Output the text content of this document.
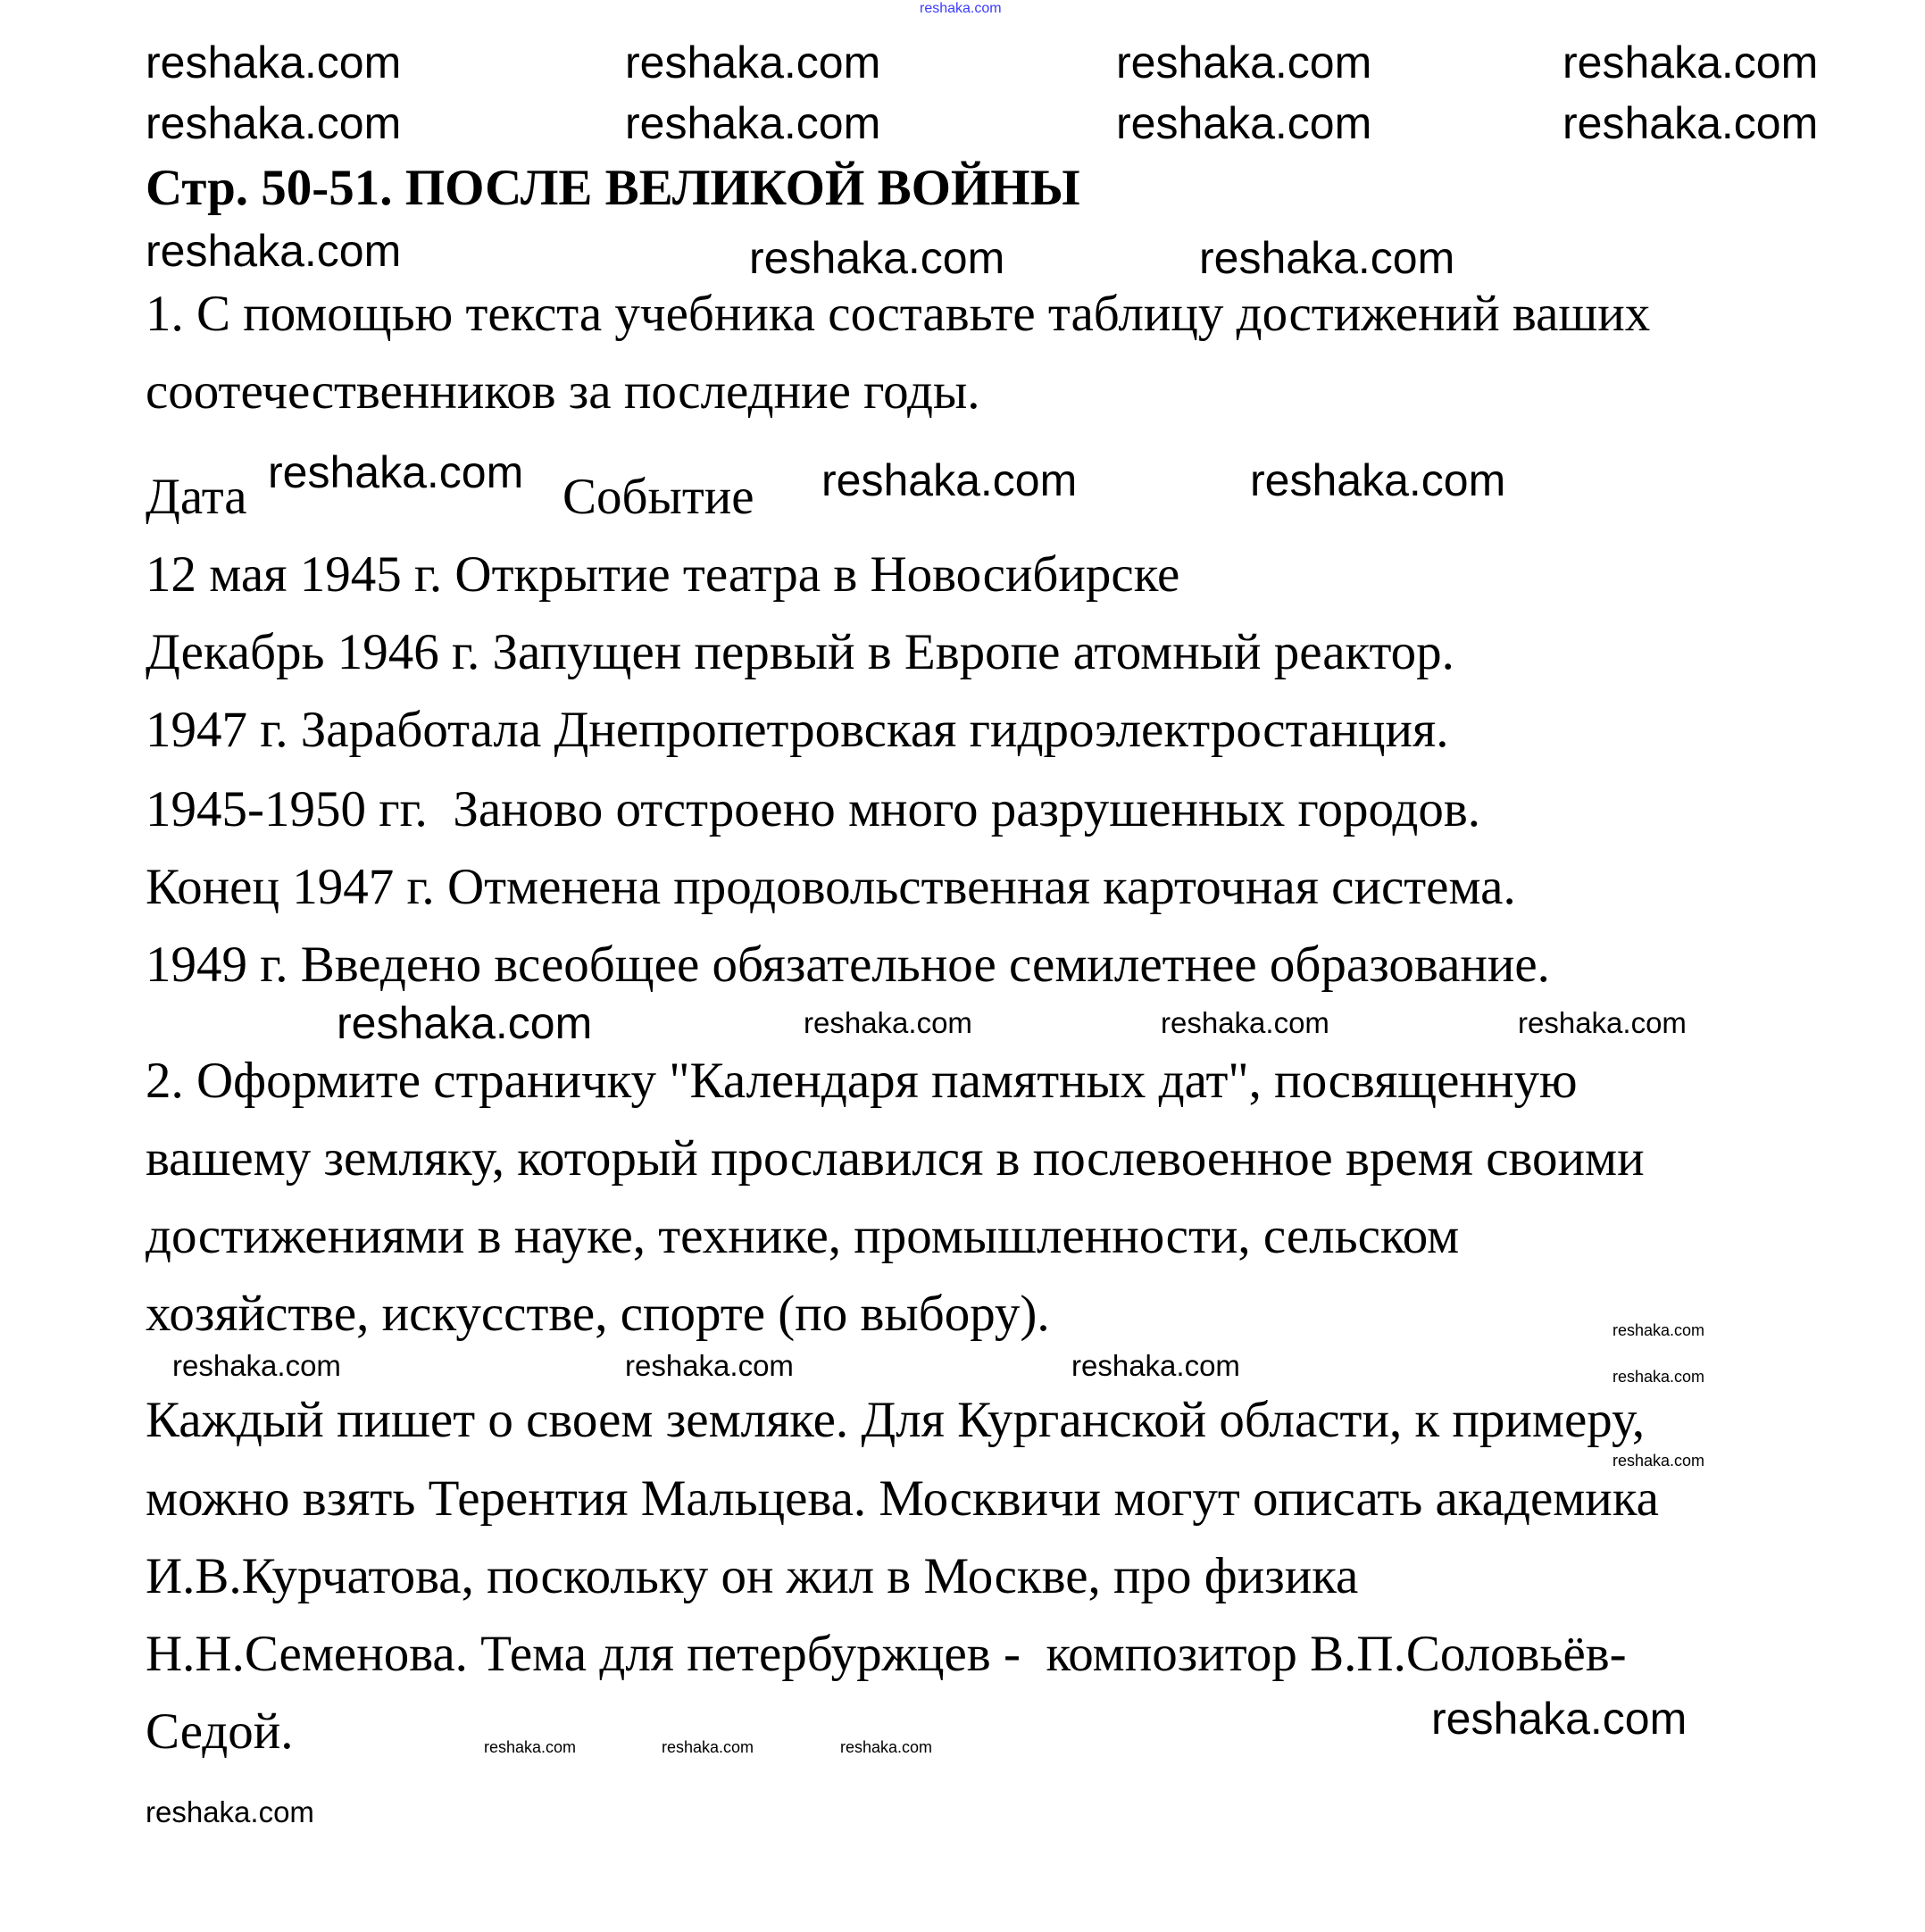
reshaka.com
Стр. 50-51. ПОСЛЕ ВЕЛИКОЙ ВОЙНЫ
1. С помощью текста учебника составьте таблицу достижений ваших
соотечественников за последние годы.
Дата	Событие
12 мая 1945 г. Открытие театра в Новосибирске
Декабрь 1946 г. Запущен первый в Европе атомный реактор.
1947 г. Заработала Днепропетровская гидроэлектростанция.
1945-1950 гг.  Заново отстроено много разрушенных городов.
Конец 1947 г. Отменена продовольственная карточная система.
1949 г. Введено всеобщее обязательное семилетнее образование.
2. Оформите страничку "Календаря памятных дат", посвященную
вашему земляку, который прославился в послевоенное время своими
достижениями в науке, технике, промышленности, сельском
хозяйстве, искусстве, спорте (по выбору).
Каждый пишет о своем земляке. Для Курганской области, к примеру,
можно взять Терентия Мальцева. Москвичи могут описать академика
И.В.Курчатова, поскольку он жил в Москве, про физика
Н.Н.Семенова. Тема для петербуржцев -  композитор В.П.Соловьёв-
Седой.
reshaka.com	reshaka.com	reshaka.com	reshaka.com
reshaka.com	reshaka.com	reshaka.com	reshaka.com
reshaka.com	reshaka.com	reshaka.com
reshaka.com	reshaka.com	reshaka.com
reshaka.com
reshaka.com
reshaka.com	reshaka.com	reshaka.com
reshaka.com	reshaka.com
reshaka.com
reshaka.com
reshaka.com
reshaka.com
reshaka.com
reshaka.com	reshaka.com	reshaka.com
